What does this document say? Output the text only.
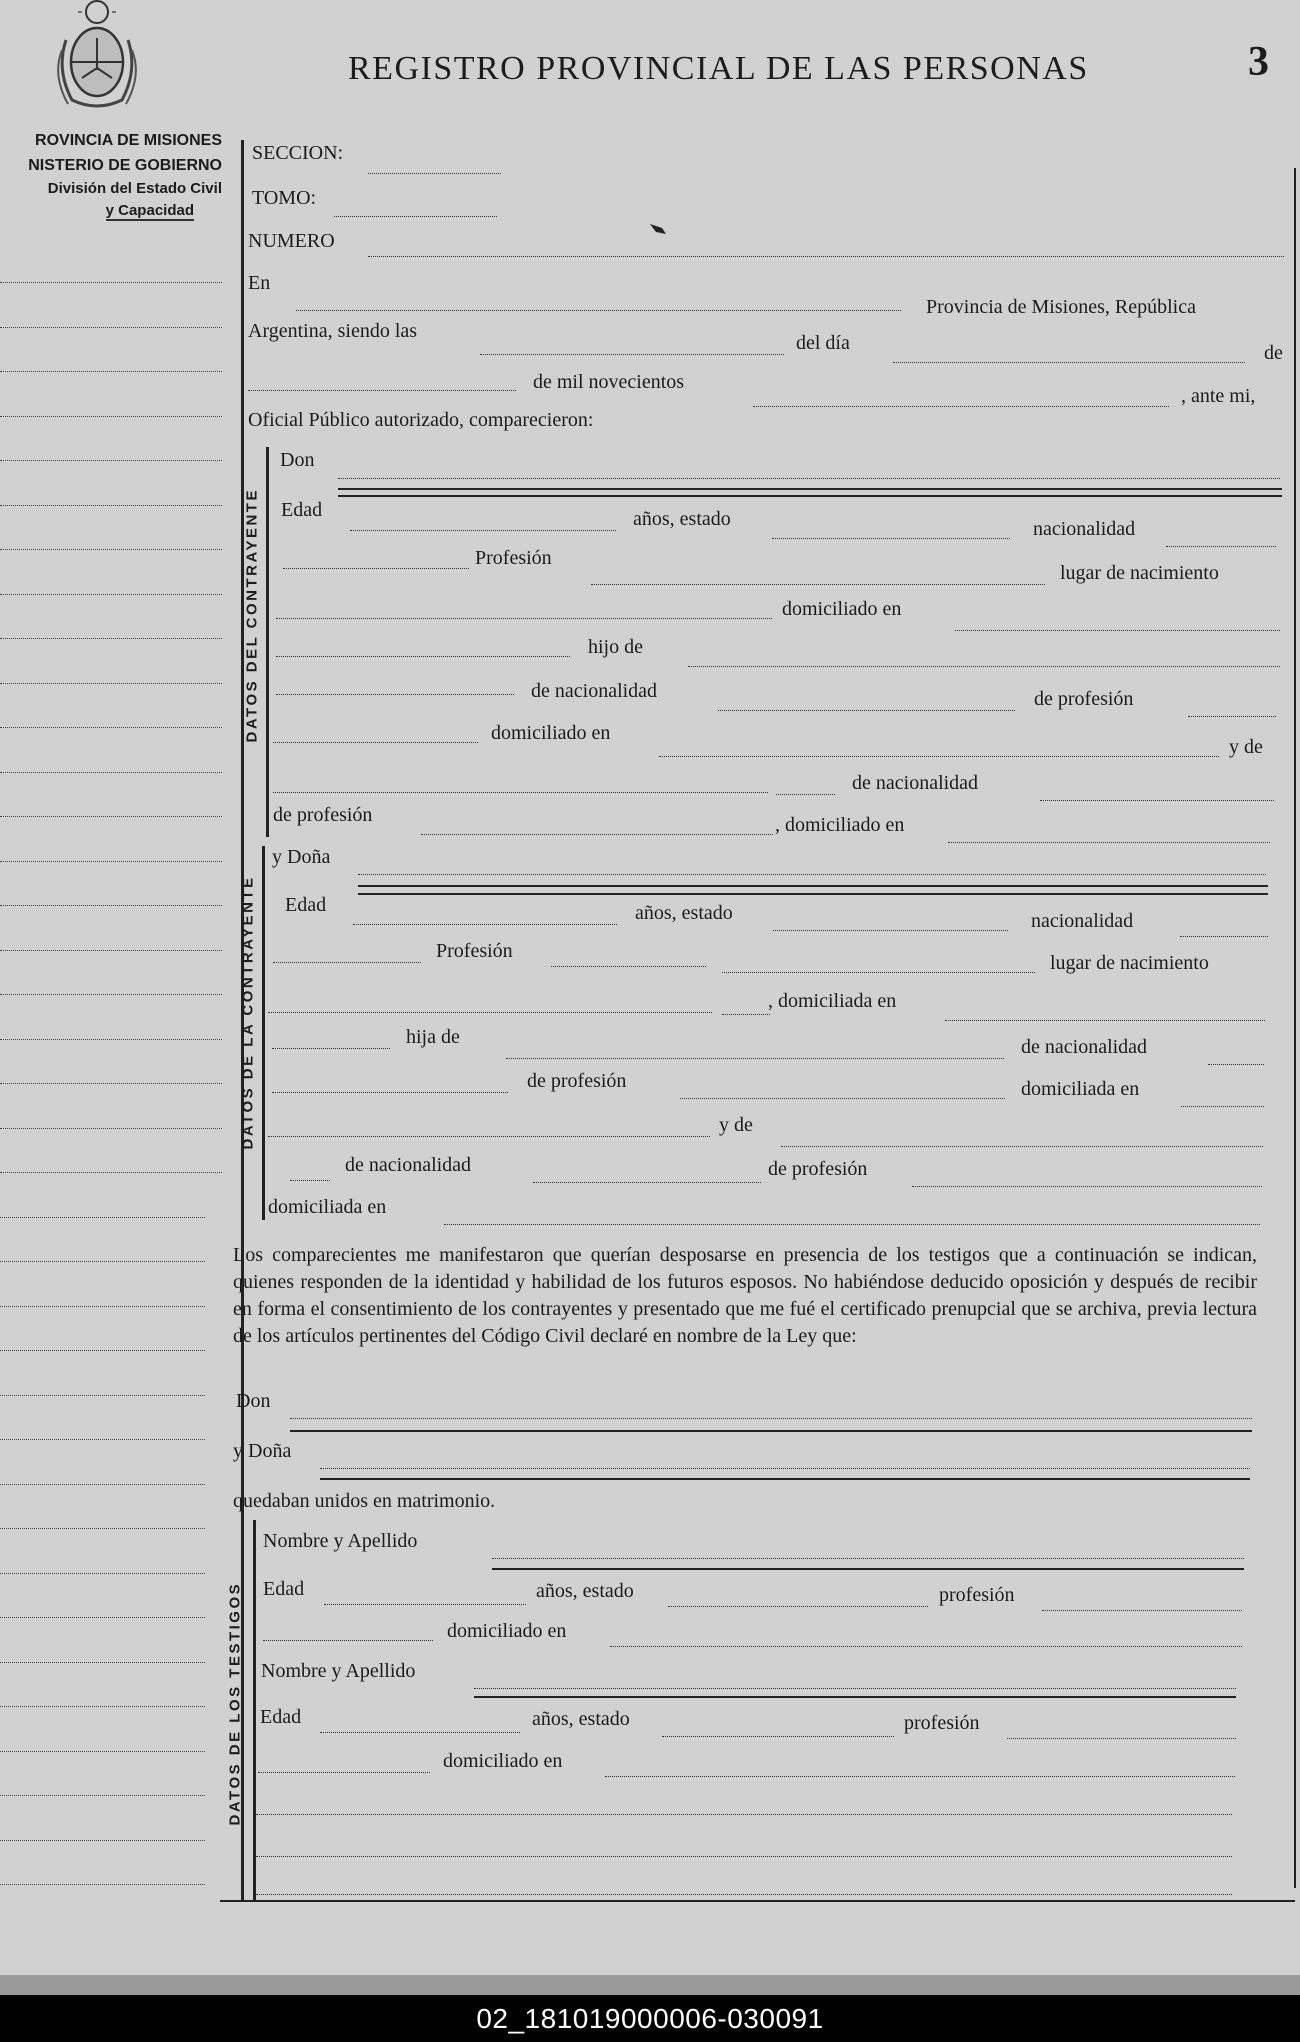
REGISTRO PROVINCIAL DE LAS PERSONAS	3
ROVINCIA DE MISIONES
NISTERIO DE GOBIERNO
División del Estado Civil
y Capacidad
SECCION:
TOMO:
NUMERO
En
Provincia de Misiones, República
Argentina, siendo las
del día	de
de mil novecientos
, ante mi,
Oficial Público autorizado, comparecieron:
DATOS DEL CONTRAYENTE
Don
Edad	años, estado	nacionalidad
Profesión
lugar de nacimiento
domiciliado en
hijo de
de nacionalidad	de profesión
domiciliado en
y de
de nacionalidad
de profesión	, domiciliado en
DATOS DE LA CONTRAYENTE
y Doña
Edad	años, estado	nacionalidad
Profesión
lugar de nacimiento
, domiciliada en
hija de	de nacionalidad
de profesión	domiciliada en
y de
de nacionalidad	de profesión
domiciliada en
Los comparecientes me manifestaron que querían desposarse en presencia de los testigos que a continuación se indican, quienes responden de la identidad y habilidad de los futuros esposos. No habiéndose deducido oposición y después de recibir en forma el consentimiento de los contrayentes y presentado que me fué el certificado prenupcial que se archiva, previa lectura de los artículos pertinentes del Código Civil declaré en nombre de la Ley que:
Don
y Doña
quedaban unidos en matrimonio.
DATOS DE LOS TESTIGOS
Nombre y Apellido
Edad	años, estado	profesión
domiciliado en
Nombre y Apellido
Edad	años, estado	profesión
domiciliado en
02_181019000006-030091
